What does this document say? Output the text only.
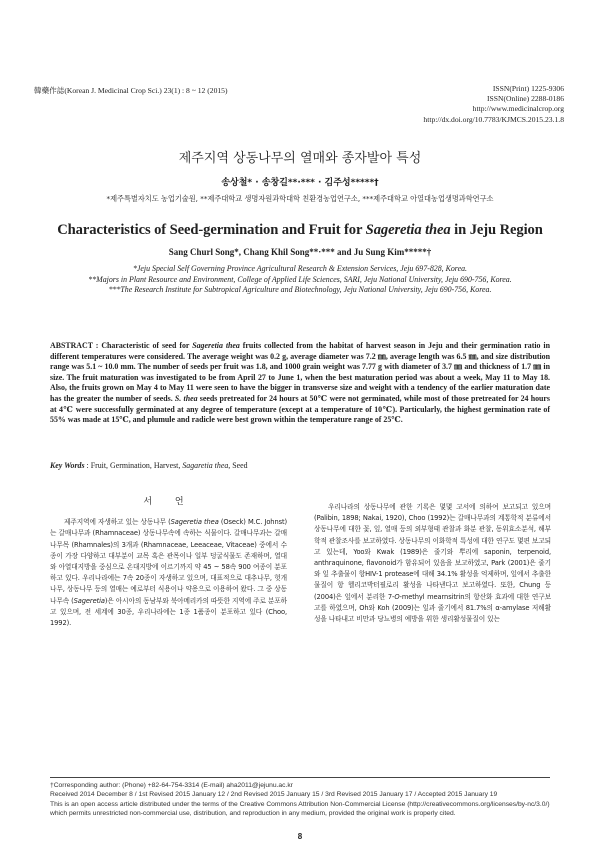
韓藥作誌(Korean J. Medicinal Crop Sci.) 23(1) : 8 ~ 12 (2015)	ISSN(Print) 1225-9306
ISSN(Online) 2288-0186
http://www.medicinalcrop.org
http://dx.doi.org/10.7783/KJMCS.2015.23.1.8
제주지역 상동나무의 열매와 종자발아 특성
송상철* · 송창길**·*** · 김주성*****†
*제주특별자치도 농업기술원, **제주대학교 생명자원과학대학 친환경농업연구소, ***제주대학교 아열대농업생명과학연구소
Characteristics of Seed-germination and Fruit for Sageretia thea in Jeju Region
Sang Churl Song*, Chang Khil Song**·*** and Ju Sung Kim*****†
*Jeju Special Self Governing Province Agricultural Research & Extension Services, Jeju 697-828, Korea.
**Majors in Plant Resource and Environment, College of Applied Life Sciences, SARI, Jeju National University, Jeju 690-756, Korea.
***The Research Institute for Subtropical Agriculture and Biotechnology, Jeju National University, Jeju 690-756, Korea.
ABSTRACT : Characteristic of seed for Sageretia thea fruits collected from the habitat of harvest season in Jeju and their germination ratio in different temperatures were considered. The average weight was 0.2 g, average diameter was 7.2 ㎜, average length was 6.5 ㎜, and size distribution range was 5.1 ~ 10.0 mm. The number of seeds per fruit was 1.8, and 1000 grain weight was 7.77 g with diameter of 3.7 ㎜ and thickness of 1.7 ㎜ in size. The fruit maturation was investigated to be from April 27 to June 1, when the best maturation period was about a week, May 11 to May 18. Also, the fruits grown on May 4 to May 11 were seen to have the bigger in transverse size and weight with a tendency of the earlier maturation date has the greater the number of seeds. S. thea seeds pretreated for 24 hours at 50℃ were not germinated, while most of those pretreated for 24 hours at 4℃ were successfully germinated at any degree of temperature (except at a temperature of 10℃). Particularly, the highest germination rate of 55% was made at 15℃, and plumule and radicle were best grown within the temperature range of 25℃.
Key Words : Fruit, Germination, Harvest, Sagaretia thea, Seed
서 언

제주지역에 자생하고 있는 상동나무 (Sageretia thea (Oseck) M.C. Johnst)는 갈매나무과 (Rhamnaceae) 상동나무속에 속하는 식물이다. 갈매나무과는 갈매나무목 (Rhamnales)의 3개과 (Rhamnaceae, Leeaceae, Vitaceae) 중에서 수종이 가장 다양하고 대부분이 교목 혹은 관목이나 일부 덩굴식물도 존재하며, 열대와 아열대지방을 중심으로 온대지방에 이르기까지 약 45 ~ 58속 900 여종이 분포하고 있다. 우리나라에는 7속 20종이 자생하고 있으며, 대표적으로 대추나무, 헛개나무, 상동나무 등의 열매는 예로부터 식용이나 약용으로 이용하여 왔다. 그 중 상동나무속 (Sageretia)은 아시아의 동남부와 북아메리카의 따뜻한 지역에 주로 분포하고 있으며, 전 세계에 30종, 우리나라에는 1종 1품종이 분포하고 있다 (Choo, 1992).

우리나라의 상동나무에 관한 기록은 몇몇 고서에 의하여 보고되고 있으며 (Palibin, 1898; Nakai, 1920), Choo (1992)는 갈매나무과의 계통학적 분류에서 상동나무에 대한 꽃, 잎, 열매 등의 외부형태 관찰과 화분 관찰, 동위효소분석, 해부학적 관찰조사를 보고하였다. 상동나무의 이화학적 특성에 대한 연구도 몇편 보고되고 있는데, Yoo와 Kwak (1989)은 줄기와 뿌리에 saponin, terpenoid, anthraquinone, flavonoid가 함유되어 있음을 보고하였고, Park (2001)은 줄기와 잎 추출물이 항HIV-1 protease에 대해 34.1% 활성을 억제하며, 잎에서 추출한 물질이 항 헬리코박터필로리 활성을 나타낸다고 보고하였다. 또한, Chung 등 (2004)은 잎에서 분리한 7-O-methyl mearnsitrin의 항산화 효과에 대한 연구보고를 하였으며, Oh와 Koh (2009)는 잎과 줄기에서 81.7%의 α-amylase 저해활성을 나타내고 비만과 당뇨병의 예방을 위한 생리활성물질이 있는

†Corresponding author: (Phone) +82-64-754-3314 (E-mail) aha2011@jejunu.ac.kr
Received 2014 December 8 / 1st Revised 2015 January 12 / 2nd Revised 2015 January 15 / 3rd Revised 2015 January 17 / Accepted 2015 January 19
This is an open access article distributed under the terms of the Creative Commons Attribution Non-Commercial License (http://creativecommons.org/licenses/by-nc/3.0/) which permits unrestricted non-commercial use, distribution, and reproduction in any medium, provided the original work is properly cited.
8
